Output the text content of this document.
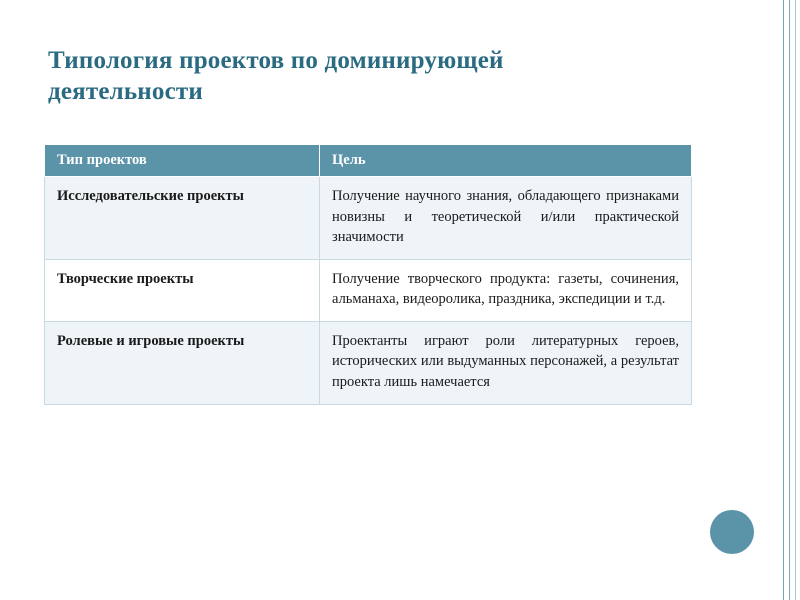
Типология проектов по доминирующей
деятельности
Тип проектов	Цель
Исследовательские проекты	Получение научного знания, обладающего признаками новизны и теоретической и/или практической значимости
Творческие проекты	Получение творческого продукта: газеты, сочинения, альманаха, видеоролика, праздника, экспедиции и т.д.
Ролевые и игровые проекты	Проектанты играют роли литературных героев, исторических или выдуманных персонажей, а результат проекта лишь намечается
